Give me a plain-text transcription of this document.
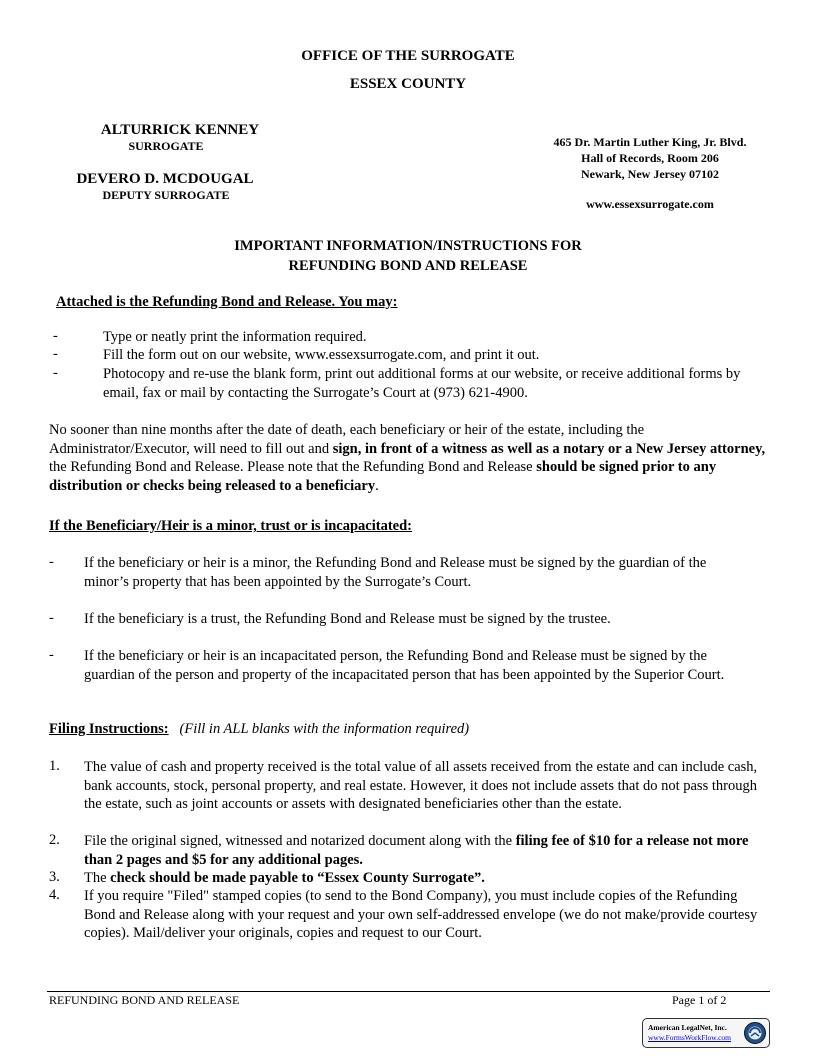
OFFICE OF THE SURROGATE
ESSEX COUNTY
ALTURRICK KENNEY
SURROGATE
DEVERO D. MCDOUGAL
DEPUTY SURROGATE
465 Dr. Martin Luther King, Jr. Blvd.
Hall of Records, Room 206
Newark, New Jersey 07102
www.essexsurrogate.com
IMPORTANT INFORMATION/INSTRUCTIONS FOR
REFUNDING BOND AND RELEASE
Attached is the Refunding Bond and Release. You may:
-	Type or neatly print the information required.
-	Fill the form out on our website, www.essexsurrogate.com, and print it out.
-	Photocopy and re-use the blank form, print out additional forms at our website, or receive additional forms by email, fax or mail by contacting the Surrogate’s Court at (973) 621-4900.
No sooner than nine months after the date of death, each beneficiary or heir of the estate, including the Administrator/Executor, will need to fill out and sign, in front of a witness as well as a notary or a New Jersey attorney, the Refunding Bond and Release. Please note that the Refunding Bond and Release should be signed prior to any distribution or checks being released to a beneficiary.
If the Beneficiary/Heir is a minor, trust or is incapacitated:
- If the beneficiary or heir is a minor, the Refunding Bond and Release must be signed by the guardian of the minor’s property that has been appointed by the Surrogate’s Court.
- If the beneficiary is a trust, the Refunding Bond and Release must be signed by the trustee.
- If the beneficiary or heir is an incapacitated person, the Refunding Bond and Release must be signed by the guardian of the person and property of the incapacitated person that has been appointed by the Superior Court.
Filing Instructions: (Fill in ALL blanks with the information required)
1. The value of cash and property received is the total value of all assets received from the estate and can include cash, bank accounts, stock, personal property, and real estate. However, it does not include assets that do not pass through the estate, such as joint accounts or assets with designated beneficiaries other than the estate.
2. File the original signed, witnessed and notarized document along with the filing fee of $10 for a release not more than 2 pages and $5 for any additional pages.
3. The check should be made payable to “Essex County Surrogate”.
4. If you require "Filed" stamped copies (to send to the Bond Company), you must include copies of the Refunding Bond and Release along with your request and your own self-addressed envelope (we do not make/provide courtesy copies). Mail/deliver your originals, copies and request to our Court.
REFUNDING BOND AND RELEASE	Page 1 of 2
American LegalNet, Inc.
www.FormsWorkFlow.com
